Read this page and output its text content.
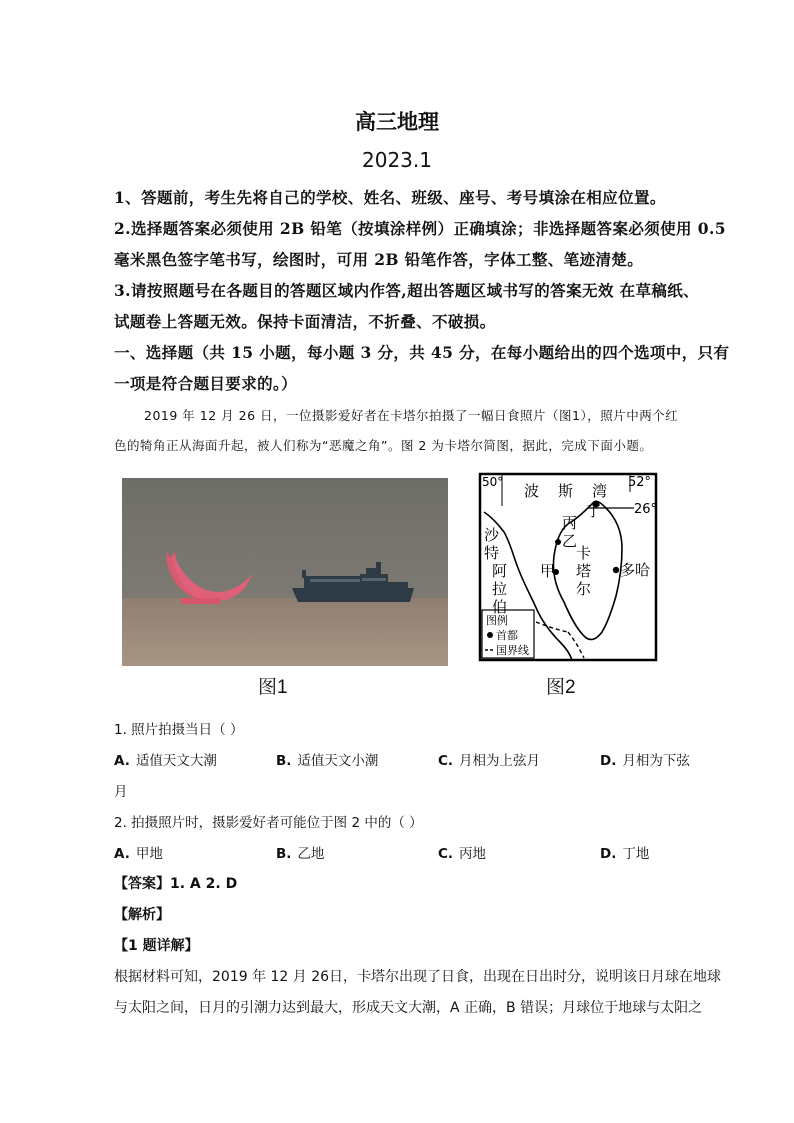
高三地理
2023.1
1、答题前，考生先将自己的学校、姓名、班级、座号、考号填涂在相应位置。
2.选择题答案必须使用 2B 铅笔（按填涂样例）正确填涂；非选择题答案必须使用 0.5
毫米黑色签字笔书写，绘图时，可用 2B 铅笔作答，字体工整、笔迹清楚。
3.请按照题号在各题目的答题区域内作答,超出答题区域书写的答案无效 在草稿纸、
试题卷上答题无效。保持卡面清洁，不折叠、不破损。
一、选择题（共 15 小题，每小题 3 分，共 45 分，在每小题给出的四个选项中，只有
一项是符合题目要求的。）
2019 年 12 月 26 日，一位摄影爱好者在卡塔尔拍摄了一幅日食照片（图1），照片中两个红
色的犄角正从海面升起，被人们称为“恶魔之角”。图 2 为卡塔尔简图，据此，完成下面小题。
图1
50°	52°
26°
波 斯 湾
丁
丙
乙
甲
沙
特
阿
拉
伯
卡
塔
尔
多哈
图例
首都
国界线
图2
1. 照片拍摄当日（ ）
A. 适值天文大潮	B. 适值天文小潮	C. 月相为上弦月	D. 月相为下弦
月
2. 拍摄照片时，摄影爱好者可能位于图 2 中的（ ）
A. 甲地	B. 乙地	C. 丙地	D. 丁地
【答案】1. A 2. D
【解析】
【1 题详解】
根据材料可知，2019 年 12 月 26日，卡塔尔出现了日食，出现在日出时分，说明该日月球在地球
与太阳之间，日月的引潮力达到最大，形成天文大潮，A 正确，B 错误；月球位于地球与太阳之
